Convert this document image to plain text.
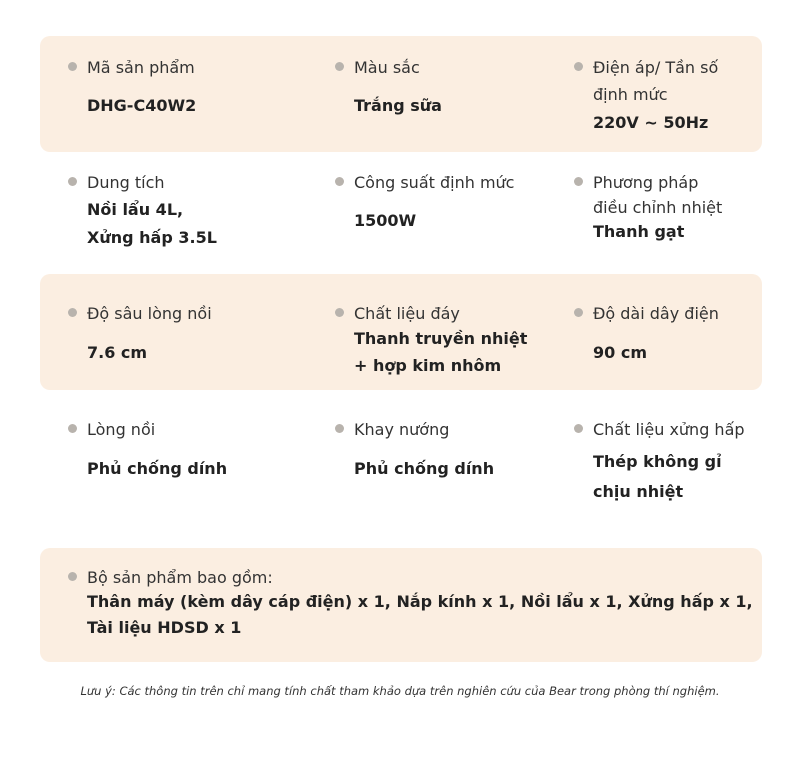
Mã sản phẩm
DHG-C40W2
Màu sắc
Trắng sữa
Điện áp/ Tần số
định mức
220V ~ 50Hz
Dung tích
Nồi lẩu 4L,
Xửng hấp 3.5L
Công suất định mức
1500W
Phương pháp
điều chỉnh nhiệt
Thanh gạt
Độ sâu lòng nồi
7.6 cm
Chất liệu đáy
Thanh truyền nhiệt
+ hợp kim nhôm
Độ dài dây điện
90 cm
Lòng nồi
Phủ chống dính
Khay nướng
Phủ chống dính
Chất liệu xửng hấp
Thép không gỉ
chịu nhiệt
Bộ sản phẩm bao gồm:
Thân máy (kèm dây cáp điện) x 1, Nắp kính x 1, Nồi lẩu x 1, Xửng hấp x 1,
Tài liệu HDSD x 1
Lưu ý: Các thông tin trên chỉ mang tính chất tham khảo dựa trên nghiên cứu của Bear trong phòng thí nghiệm.
